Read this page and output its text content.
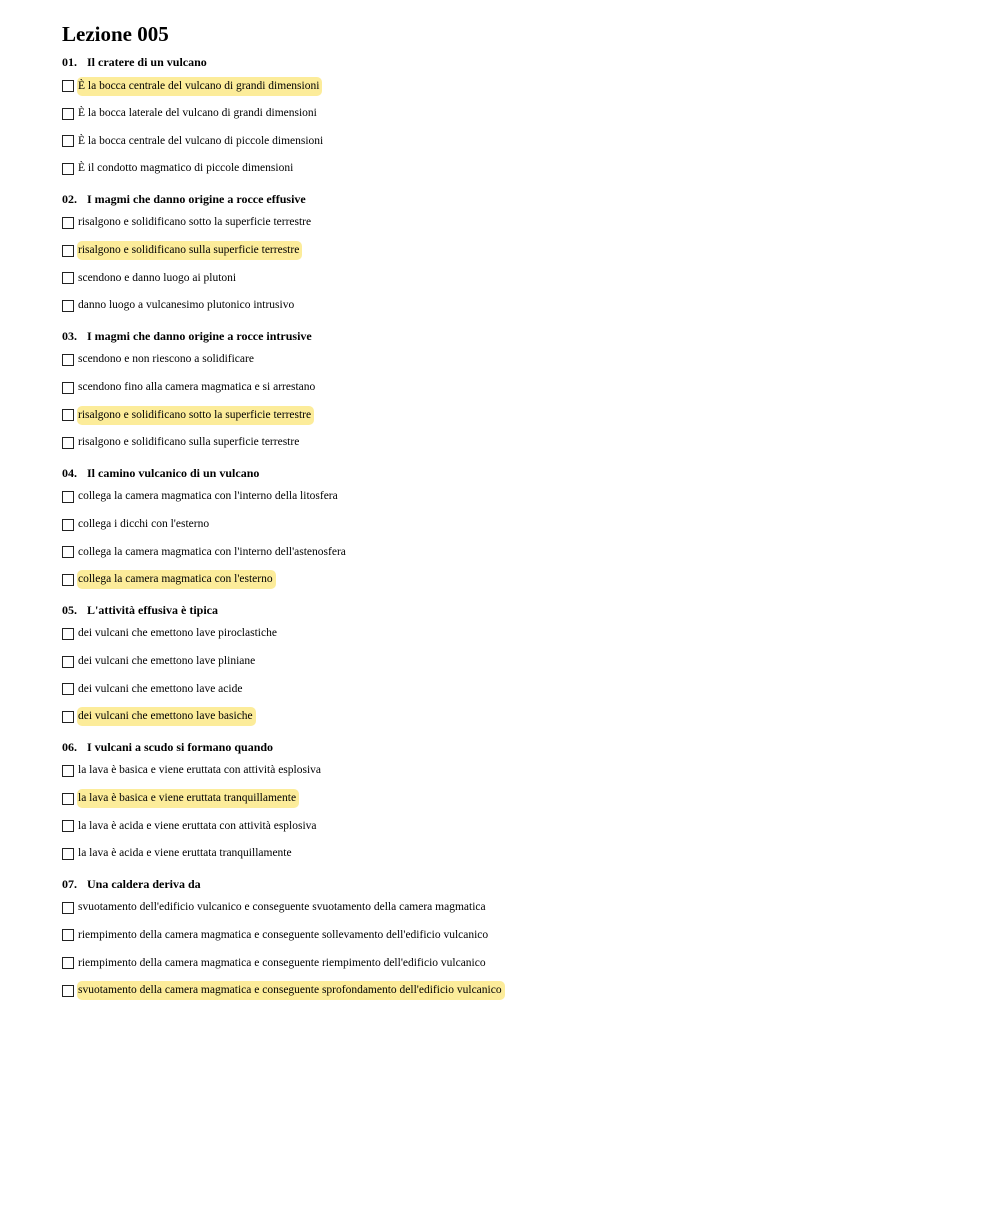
Lezione 005
01. Il cratere di un vulcano
È la bocca centrale del vulcano di grandi dimensioni
È la bocca laterale del vulcano di grandi dimensioni
È la bocca centrale del vulcano di piccole dimensioni
È il condotto magmatico di piccole dimensioni
02. I magmi che danno origine a rocce effusive
risalgono e solidificano sotto la superficie terrestre
risalgono e solidificano sulla superficie terrestre
scendono e danno luogo ai plutoni
danno luogo a vulcanesimo plutonico intrusivo
03. I magmi che danno origine a rocce intrusive
scendono e non riescono a solidificare
scendono fino alla camera magmatica e si arrestano
risalgono e solidificano sotto la superficie terrestre
risalgono e solidificano sulla superficie terrestre
04. Il camino vulcanico di un vulcano
collega la camera magmatica con l'interno della litosfera
collega i dicchi con l'esterno
collega la camera magmatica con l'interno dell'astenosfera
collega la camera magmatica con l'esterno
05. L'attività effusiva è tipica
dei vulcani che emettono lave piroclastiche
dei vulcani che emettono lave pliniane
dei vulcani che emettono lave acide
dei vulcani che emettono lave basiche
06. I vulcani a scudo si formano quando
la lava è basica e viene eruttata con attività esplosiva
la lava è basica e viene eruttata tranquillamente
la lava è acida e viene eruttata con attività esplosiva
la lava è acida e viene eruttata tranquillamente
07. Una caldera deriva da
svuotamento dell'edificio vulcanico e conseguente svuotamento della camera magmatica
riempimento della camera magmatica e conseguente sollevamento dell'edificio vulcanico
riempimento della camera magmatica e conseguente riempimento dell'edificio vulcanico
svuotamento della camera magmatica e conseguente sprofondamento dell'edificio vulcanico
